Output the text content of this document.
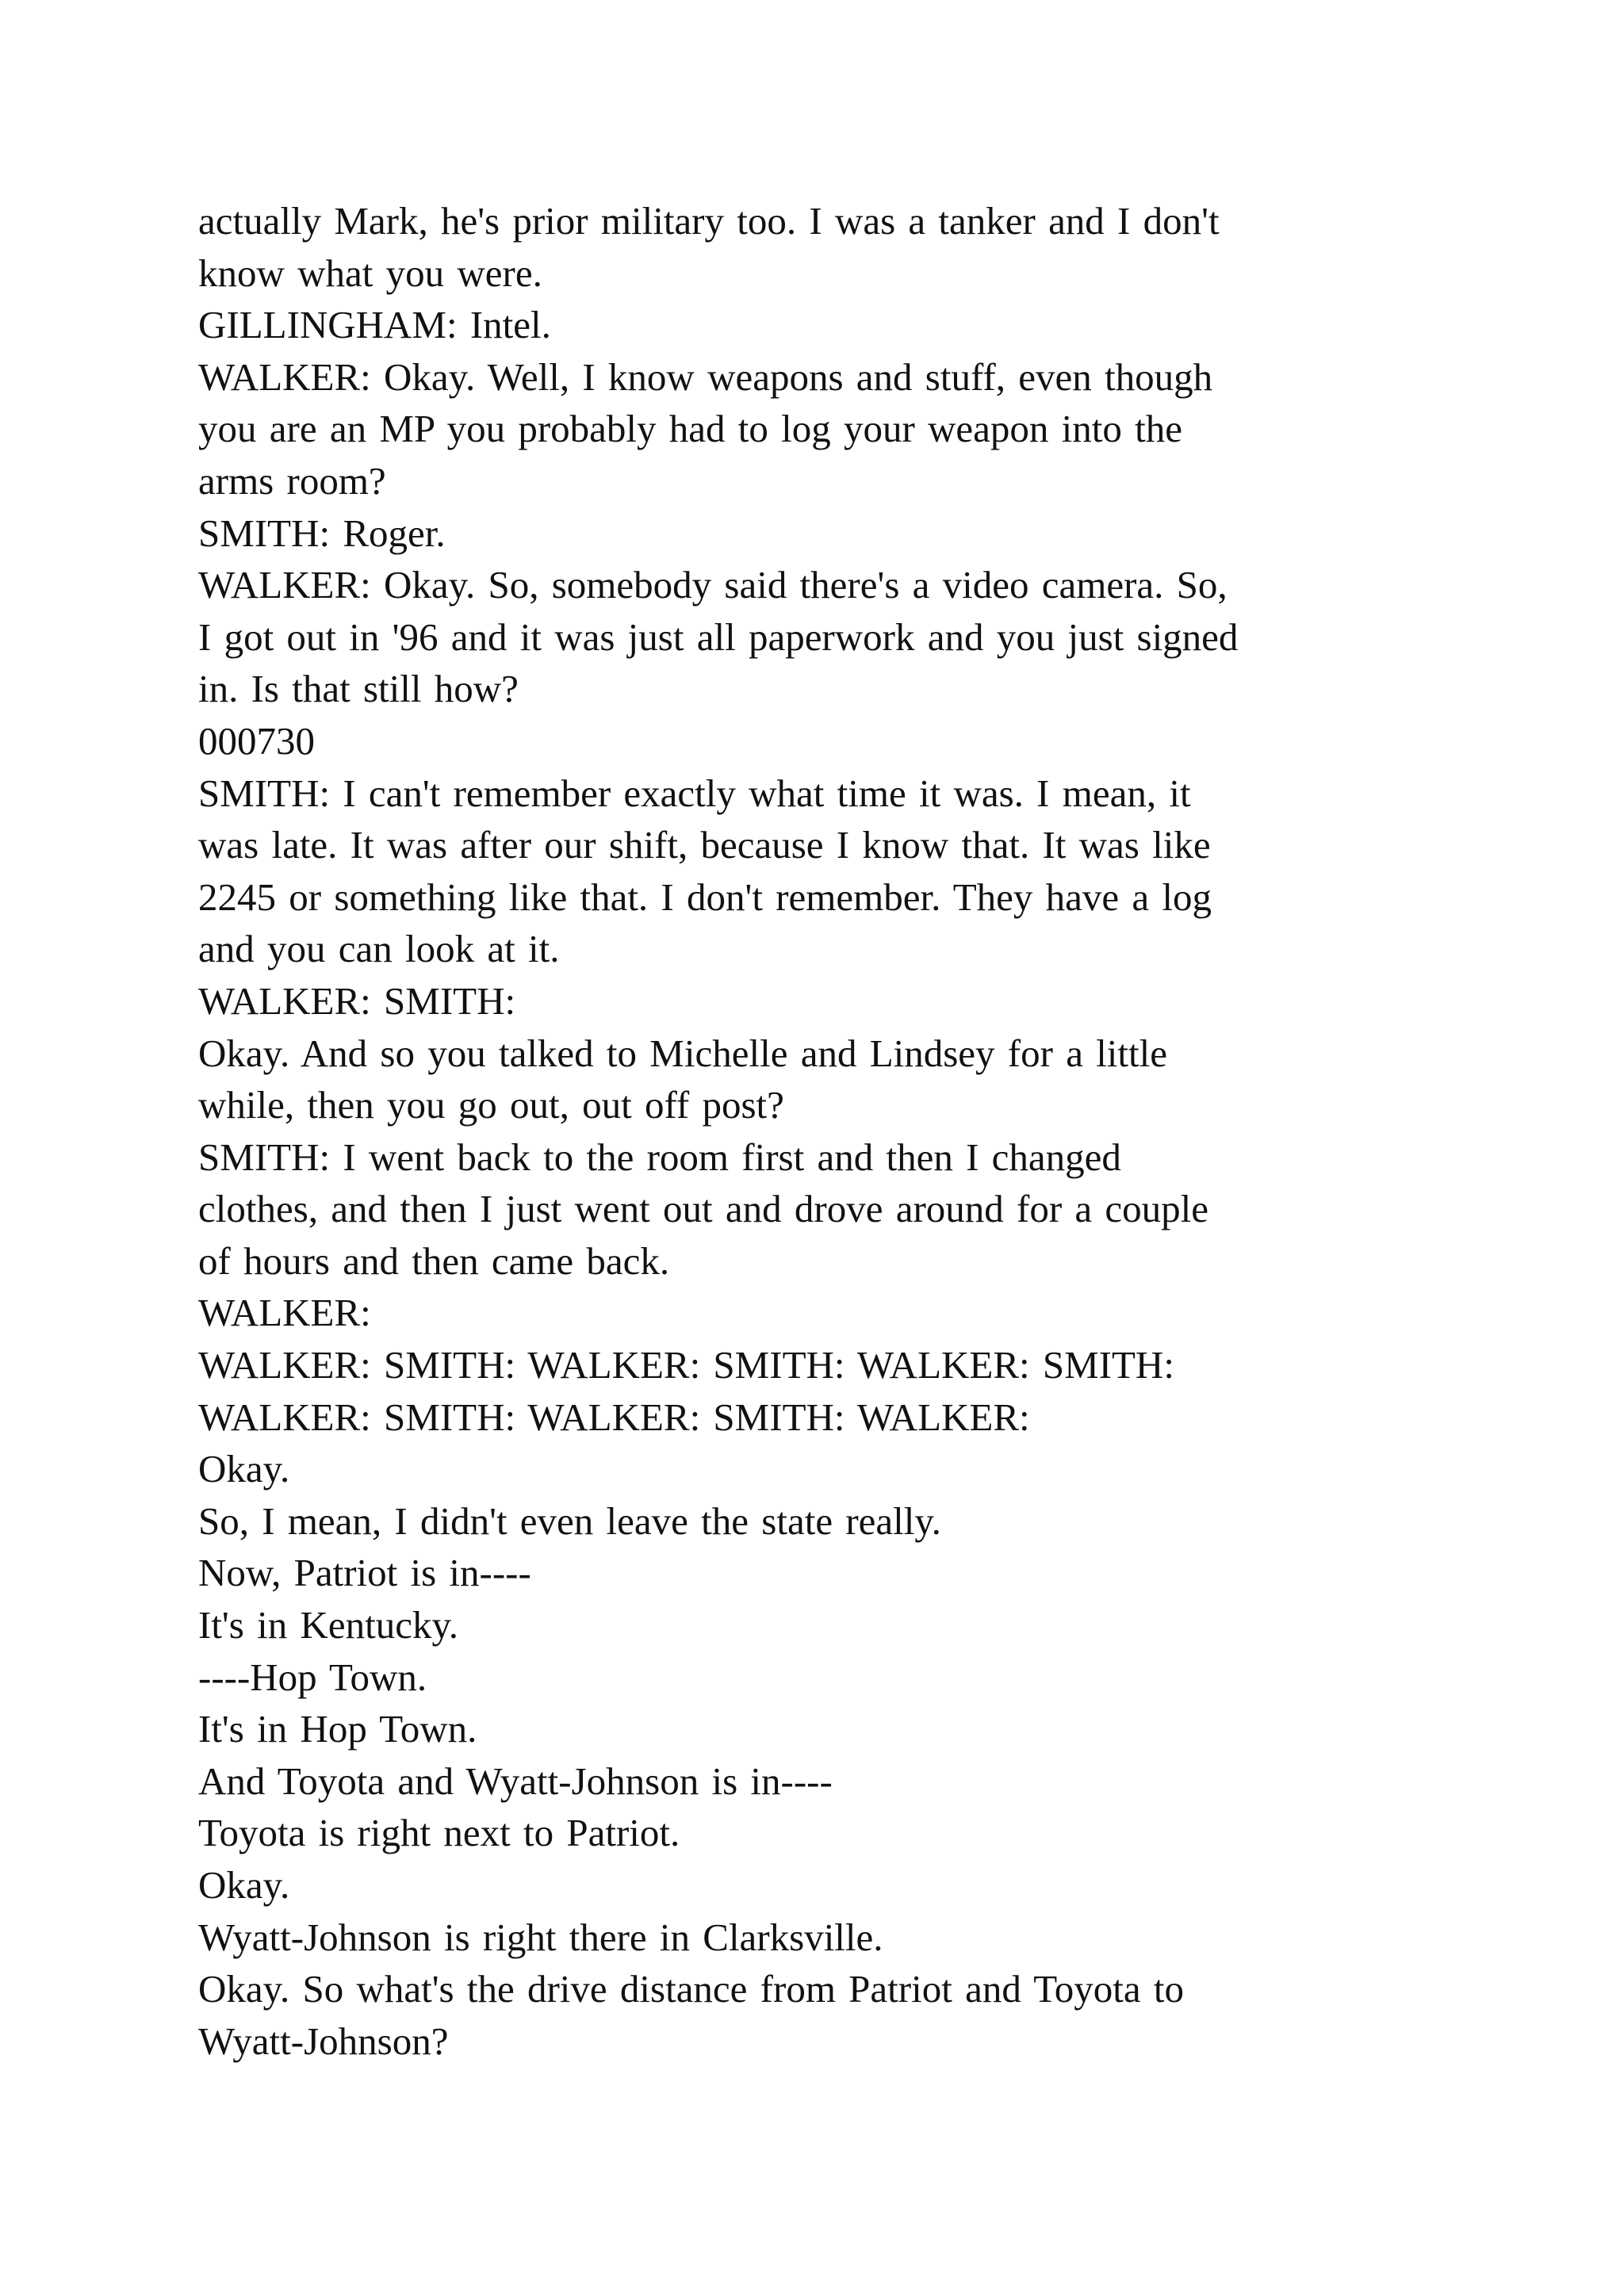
actually Mark, he's prior military too. I was a tanker and I don't
know what you were.
GILLINGHAM: Intel.
WALKER: Okay. Well, I know weapons and stuff, even though
you are an MP you probably had to log your weapon into the
arms room?
SMITH: Roger.
WALKER: Okay. So, somebody said there's a video camera. So,
I got out in '96 and it was just all paperwork and you just signed
in. Is that still how?
000730
SMITH: I can't remember exactly what time it was. I mean, it
was late. It was after our shift, because I know that. It was like
2245 or something like that. I don't remember. They have a log
and you can look at it.
WALKER: SMITH:
Okay. And so you talked to Michelle and Lindsey for a little
while, then you go out, out off post?
SMITH: I went back to the room first and then I changed
clothes, and then I just went out and drove around for a couple
of hours and then came back.
WALKER:
WALKER: SMITH: WALKER: SMITH: WALKER: SMITH:
WALKER: SMITH: WALKER: SMITH: WALKER:
Okay.
So, I mean, I didn't even leave the state really.
Now, Patriot is in----
It's in Kentucky.
----Hop Town.
It's in Hop Town.
And Toyota and Wyatt-Johnson is in----
Toyota is right next to Patriot.
Okay.
Wyatt-Johnson is right there in Clarksville.
Okay. So what's the drive distance from Patriot and Toyota to
Wyatt-Johnson?
